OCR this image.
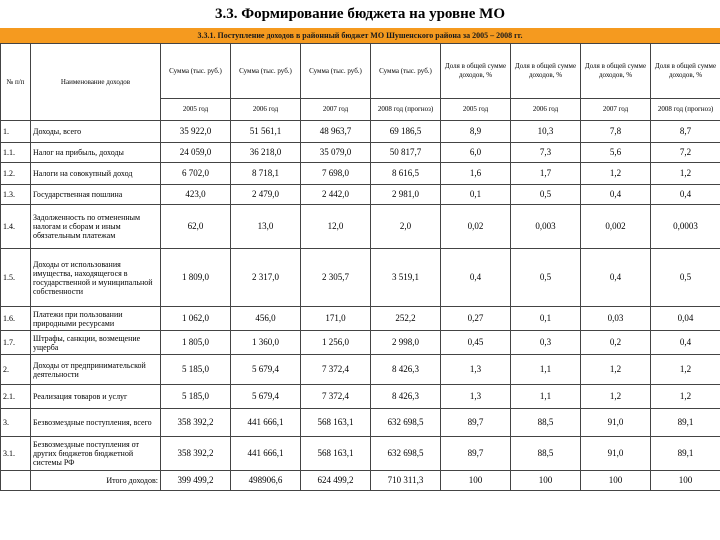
3.3. Формирование бюджета на уровне МО
3.3.1. Поступление доходов в районный бюджет МО Шушенского района за 2005 – 2008 гг.
№ п/п	Наименование доходов	Сумма (тыс. руб.)	Сумма (тыс. руб.)	Сумма (тыс. руб.)	Сумма (тыс. руб.)	Доля в общей сумме доходов, %	Доля в общей сумме доходов, %	Доля в общей сумме доходов, %	Доля в общей сумме доходов, %
		2005 год	2006 год	2007 год	2008 год (прогноз)	2005 год	2006 год	2007 год	2008 год (прогноз)
1.	Доходы, всего	35 922,0	51 561,1	48 963,7	69 186,5	8,9	10,3	7,8	8,7
1.1.	Налог на прибыль, доходы	24 059,0	36 218,0	35 079,0	50 817,7	6,0	7,3	5,6	7,2
1.2.	Налоги на совокупный доход	6 702,0	8 718,1	7 698,0	8 616,5	1,6	1,7	1,2	1,2
1.3.	Государственная пошлина	423,0	2 479,0	2 442,0	2 981,0	0,1	0,5	0,4	0,4
1.4.	Задолженность по отмененным налогам и сборам и иным обязательным платежам	62,0	13,0	12,0	2,0	0,02	0,003	0,002	0,0003
1.5.	Доходы от использования имущества, находящегося в государственной и муниципальной собственности	1 809,0	2 317,0	2 305,7	3 519,1	0,4	0,5	0,4	0,5
1.6.	Платежи при пользовании природными ресурсами	1 062,0	456,0	171,0	252,2	0,27	0,1	0,03	0,04
1.7.	Штрафы, санкции, возмещение ущерба	1 805,0	1 360,0	1 256,0	2 998,0	0,45	0,3	0,2	0,4
2.	Доходы от предпринимательской деятельности	5 185,0	5 679,4	7 372,4	8 426,3	1,3	1,1	1,2	1,2
2.1.	Реализация товаров и услуг	5 185,0	5 679,4	7 372,4	8 426,3	1,3	1,1	1,2	1,2
3.	Безвозмездные поступления, всего	358 392,2	441 666,1	568 163,1	632 698,5	89,7	88,5	91,0	89,1
3.1.	Безвозмездные поступления от других бюджетов бюджетной системы РФ	358 392,2	441 666,1	568 163,1	632 698,5	89,7	88,5	91,0	89,1
	Итого доходов:	399 499,2	498906,6	624 499,2	710 311,3	100	100	100	100
